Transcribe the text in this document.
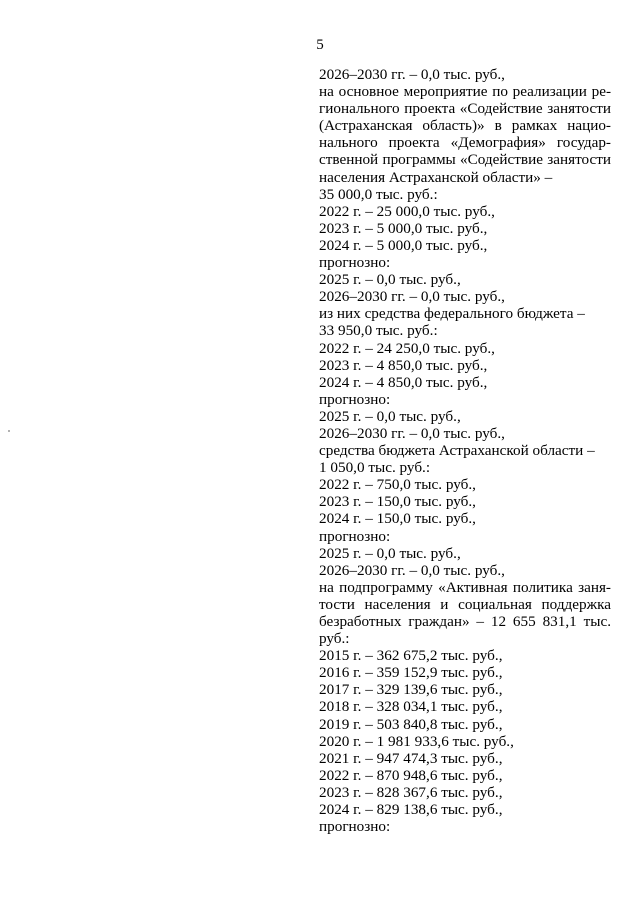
5
2026–2030 гг. – 0,0 тыс. руб.,
на основное мероприятие по реализации ре-
гионального проекта «Содействие занятости
(Астраханская область)» в рамках нацио-
нального проекта «Демография» государ-
ственной программы «Содействие занятости
населения Астраханской области» –
35 000,0 тыс. руб.:
2022 г. – 25 000,0 тыс. руб.,
2023 г. – 5 000,0 тыс. руб.,
2024 г. – 5 000,0 тыс. руб.,
прогнозно:
2025 г. – 0,0 тыс. руб.,
2026–2030 гг. – 0,0 тыс. руб.,
из них средства федерального бюджета –
33 950,0 тыс. руб.:
2022 г. – 24 250,0 тыс. руб.,
2023 г. – 4 850,0 тыс. руб.,
2024 г. – 4 850,0 тыс. руб.,
прогнозно:
2025 г. – 0,0 тыс. руб.,
2026–2030 гг. – 0,0 тыс. руб.,
средства бюджета Астраханской области –
1 050,0 тыс. руб.:
2022 г. – 750,0 тыс. руб.,
2023 г. – 150,0 тыс. руб.,
2024 г. – 150,0 тыс. руб.,
прогнозно:
2025 г. – 0,0 тыс. руб.,
2026–2030 гг. – 0,0 тыс. руб.,
на подпрограмму «Активная политика заня-
тости населения и социальная поддержка
безработных граждан» – 12 655 831,1 тыс.
руб.:
2015 г. – 362 675,2 тыс. руб.,
2016 г. – 359 152,9 тыс. руб.,
2017 г. – 329 139,6 тыс. руб.,
2018 г. – 328 034,1 тыс. руб.,
2019 г. – 503 840,8 тыс. руб.,
2020 г. – 1 981 933,6 тыс. руб.,
2021 г. – 947 474,3 тыс. руб.,
2022 г. – 870 948,6 тыс. руб.,
2023 г. – 828 367,6 тыс. руб.,
2024 г. – 829 138,6 тыс. руб.,
прогнозно:
